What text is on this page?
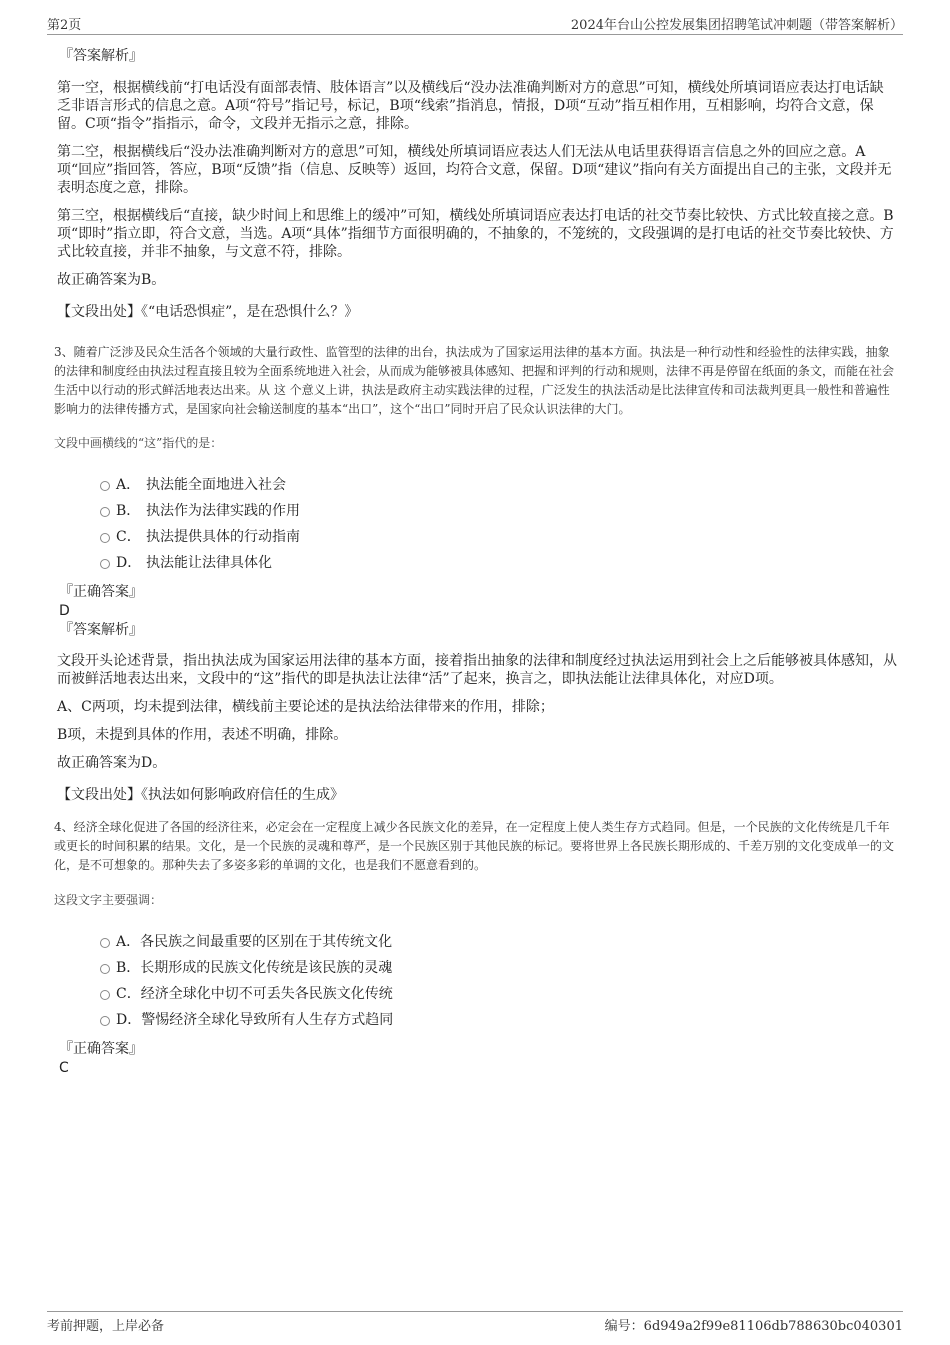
第2页	2024年台山公控发展集团招聘笔试冲刺题（带答案解析）
『答案解析』

第一空，根据横线前“打电话没有面部表情、肢体语言”以及横线后“没办法准确判断对方的意思”可知，横线处所填词语应表达打电话缺乏非语言形式的信息之意。A项“符号”指记号，标记，B项“线索”指消息，情报，D项“互动”指互相作用，互相影响，均符合文意，保留。C项“指令”指指示，命令，文段并无指示之意，排除。

第二空，根据横线后“没办法准确判断对方的意思”可知，横线处所填词语应表达人们无法从电话里获得语言信息之外的回应之意。A项“回应”指回答，答应，B项“反馈”指（信息、反映等）返回，均符合文意，保留。D项“建议”指向有关方面提出自己的主张，文段并无表明态度之意，排除。

第三空，根据横线后“直接，缺少时间上和思维上的缓冲”可知，横线处所填词语应表达打电话的社交节奏比较快、方式比较直接之意。B项“即时”指立即，符合文意，当选。A项“具体”指细节方面很明确的，不抽象的，不笼统的，文段强调的是打电话的社交节奏比较快、方式比较直接，并非不抽象，与文意不符，排除。

故正确答案为B。

【文段出处】《“电话恐惧症”，是在恐惧什么？》

3、随着广泛涉及民众生活各个领域的大量行政性、监管型的法律的出台，执法成为了国家运用法律的基本方面。执法是一种行动性和经验性的法律实践，抽象的法律和制度经由执法过程直接且较为全面系统地进入社会，从而成为能够被具体感知、把握和评判的行动和规则，法律不再是停留在纸面的条文，而能在社会生活中以行动的形式鲜活地表达出来。从 这 个意义上讲，执法是政府主动实践法律的过程，广泛发生的执法活动是比法律宣传和司法裁判更具一般性和普遍性影响力的法律传播方式，是国家向社会输送制度的基本“出口”，这个“出口”同时开启了民众认识法律的大门。
文段中画横线的“这”指代的是：
A． 执法能全面地进入社会
B． 执法作为法律实践的作用
C． 执法提供具体的行动指南
D． 执法能让法律具体化
『正确答案』
D
『答案解析』

文段开头论述背景，指出执法成为国家运用法律的基本方面，接着指出抽象的法律和制度经过执法运用到社会上之后能够被具体感知，从而被鲜活地表达出来，文段中的“这”指代的即是执法让法律“活”了起来，换言之，即执法能让法律具体化，对应D项。

A、C两项，均未提到法律，横线前主要论述的是执法给法律带来的作用，排除；

B项，未提到具体的作用，表述不明确，排除。

故正确答案为D。

【文段出处】《执法如何影响政府信任的生成》

4、经济全球化促进了各国的经济往来，必定会在一定程度上减少各民族文化的差异，在一定程度上使人类生存方式趋同。但是，一个民族的文化传统是几千年或更长的时间积累的结果。文化，是一个民族的灵魂和尊严，是一个民族区别于其他民族的标记。要将世界上各民族长期形成的、千差万别的文化变成单一的文化，是不可想象的。那种失去了多姿多彩的单调的文化，也是我们不愿意看到的。
这段文字主要强调：
A．各民族之间最重要的区别在于其传统文化
B．长期形成的民族文化传统是该民族的灵魂
C．经济全球化中切不可丢失各民族文化传统
D．警惕经济全球化导致所有人生存方式趋同
『正确答案』
C
考前押题，上岸必备	编号：6d949a2f99e81106db788630bc040301
